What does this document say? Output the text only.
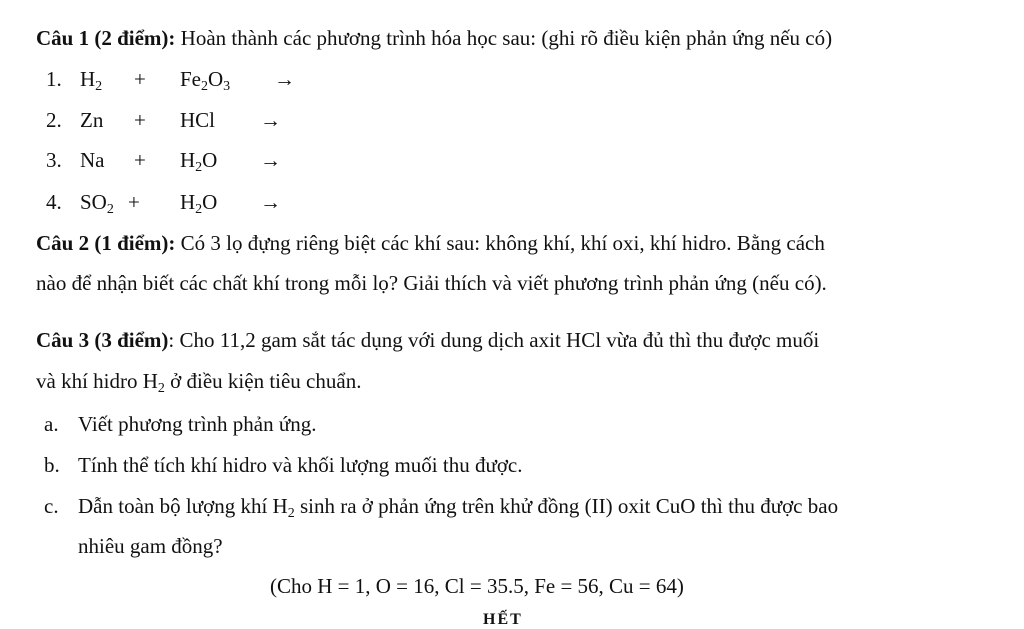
Câu 1 (2 điểm): Hoàn thành các phương trình hóa học sau: (ghi rõ điều kiện phản ứng nếu có)
1. $H_2 + Fe_2O_3$ →
2. Zn + HCl →
3. $Na + H_2O$ →
4. $SO_2 + H_2O$ →
Câu 2 (1 điểm): Có 3 lọ đựng riêng biệt các khí sau: không khí, khí oxi, khí hidro. Bằng cách
nào để nhận biết các chất khí trong mỗi lọ? Giải thích và viết phương trình phản ứng (nếu có).
Câu 3 (3 điểm): Cho 11,2 gam sắt tác dụng với dung dịch axit HCl vừa đủ thì thu được muối
và khí hidro $H_2$ ở điều kiện tiêu chuẩn.
a. Viết phương trình phản ứng.
b. Tính thể tích khí hidro và khối lượng muối thu được.
c. Dẫn toàn bộ lượng khí $H_2$ sinh ra ở phản ứng trên khử đồng (II) oxit CuO thì thu được bao
nhiêu gam đồng?
(Cho H = 1, O = 16, Cl = 35.5, Fe = 56, Cu = 64)
HẾT
